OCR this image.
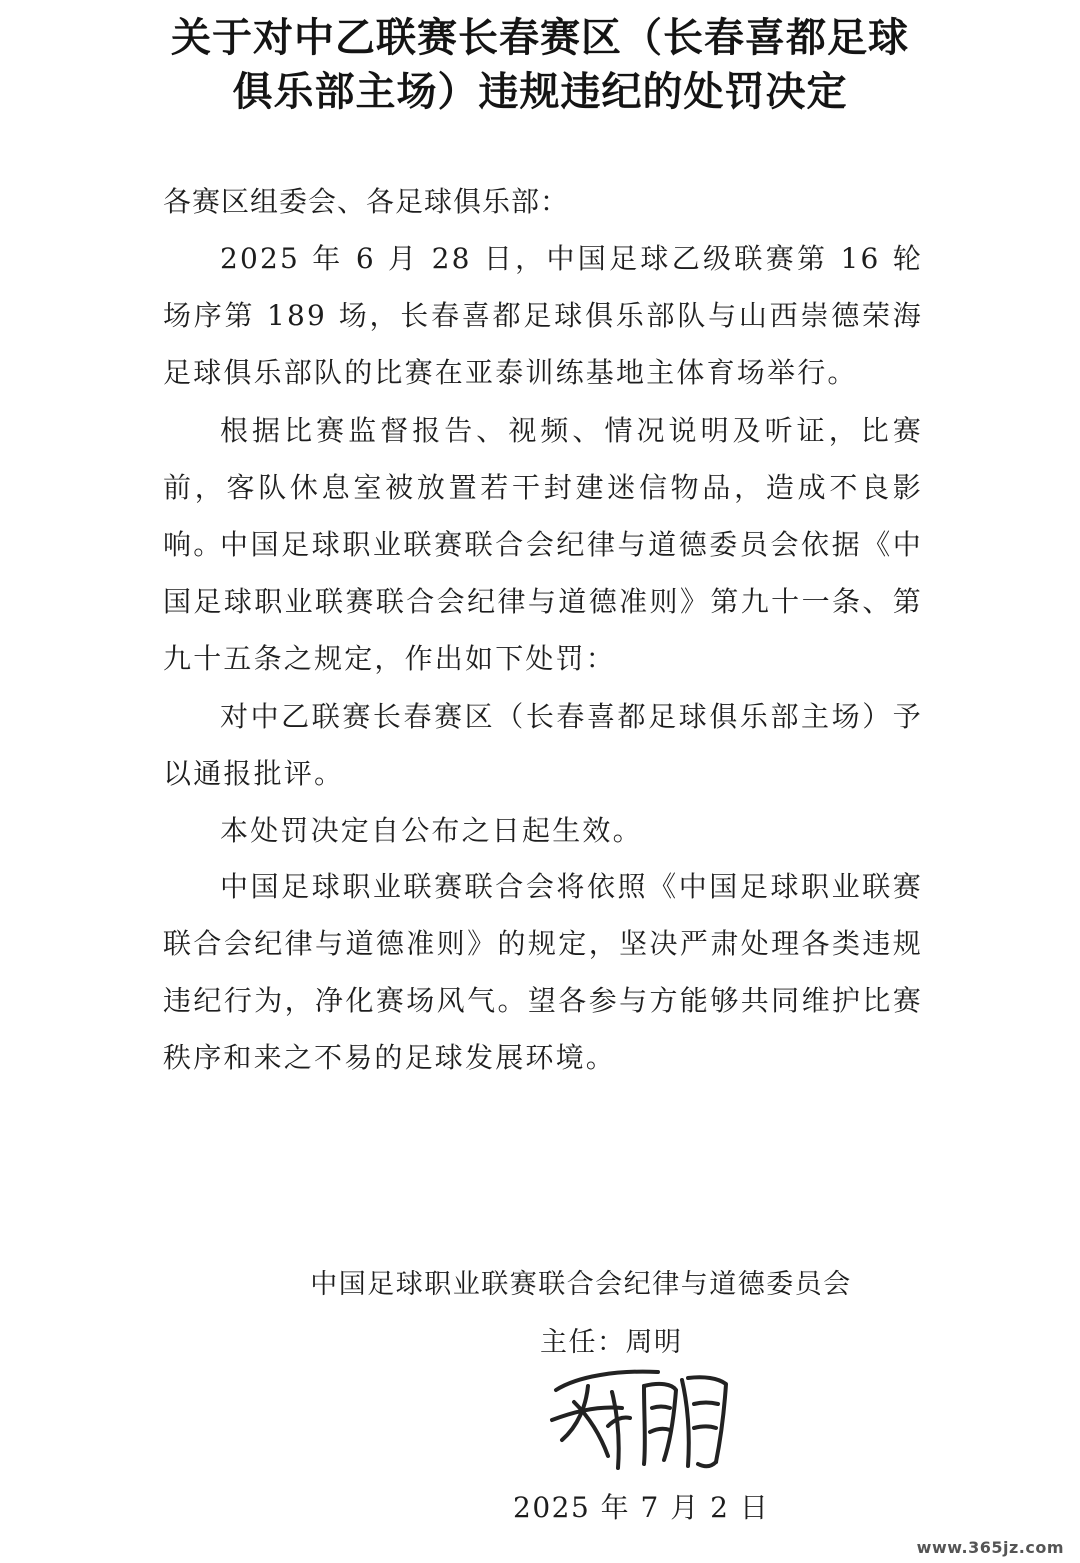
关于对中乙联赛长春赛区（长春喜都足球
俱乐部主场）违规违纪的处罚决定
各赛区组委会、各足球俱乐部：

2025 年 6 月 28 日，中国足球乙级联赛第 16 轮场序第 189 场，长春喜都足球俱乐部队与山西崇德荣海足球俱乐部队的比赛在亚泰训练基地主体育场举行。

根据比赛监督报告、视频、情况说明及听证，比赛前，客队休息室被放置若干封建迷信物品，造成不良影响。

中国足球职业联赛联合会纪律与道德委员会依据《中国足球职业联赛联合会纪律与道德准则》第九十一条、第九十五条之规定，作出如下处罚：

对中乙联赛长春赛区（长春喜都足球俱乐部主场）予以通报批评。

本处罚决定自公布之日起生效。

中国足球职业联赛联合会将依照《中国足球职业联赛联合会纪律与道德准则》的规定，坚决严肃处理各类违规违纪行为，净化赛场风气。望各参与方能够共同维护比赛秩序和来之不易的足球发展环境。

中国足球职业联赛联合会纪律与道德委员会
主任：周明
2025 年 7 月 2 日
www.365jz.com
